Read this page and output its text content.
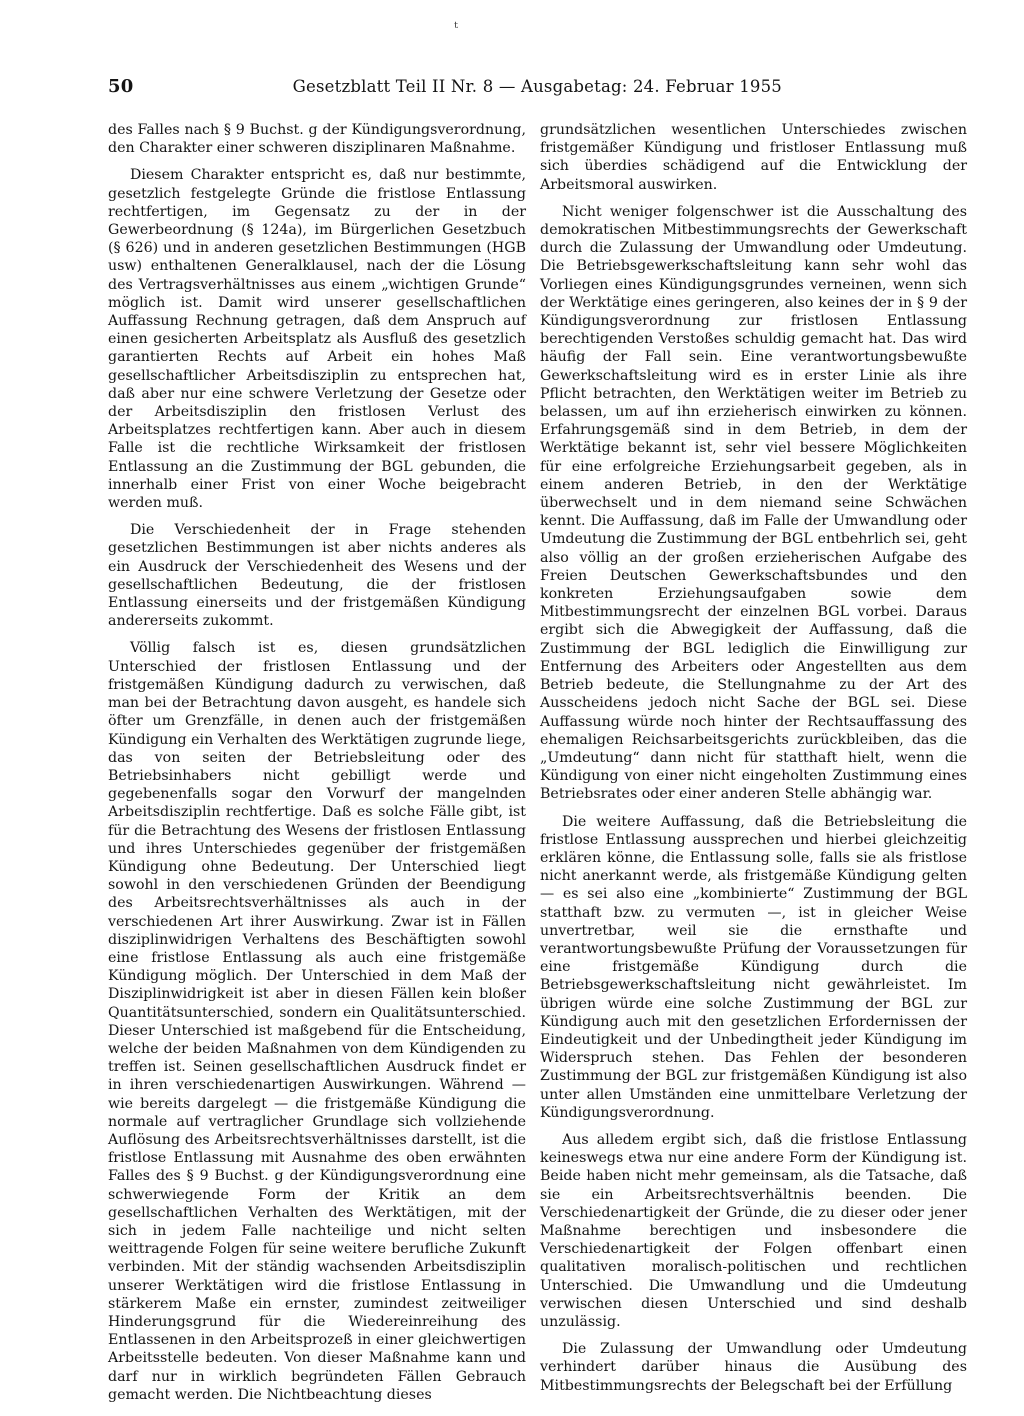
ᵗ
50	Gesetzblatt Teil II Nr. 8 — Ausgabetag: 24. Februar 1955

des Falles nach § 9 Buchst. g der Kündigungsverordnung, den Charakter einer schweren disziplinaren Maßnahme.

Diesem Charakter entspricht es, daß nur bestimmte, gesetzlich festgelegte Gründe die fristlose Entlassung rechtfertigen, im Gegensatz zu der in der Gewerbeordnung (§ 124a), im Bürgerlichen Gesetzbuch (§ 626) und in anderen gesetzlichen Bestimmungen (HGB usw) enthaltenen Generalklausel, nach der die Lösung des Vertragsverhältnisses aus einem „wichtigen Grunde“ möglich ist. Damit wird unserer gesellschaftlichen Auffassung Rechnung getragen, daß dem Anspruch auf einen gesicherten Arbeitsplatz als Ausfluß des gesetzlich garantierten Rechts auf Arbeit ein hohes Maß gesellschaftlicher Arbeitsdisziplin zu entsprechen hat, daß aber nur eine schwere Verletzung der Gesetze oder der Arbeitsdisziplin den fristlosen Verlust des Arbeitsplatzes rechtfertigen kann. Aber auch in diesem Falle ist die rechtliche Wirksamkeit der fristlosen Entlassung an die Zustimmung der BGL gebunden, die innerhalb einer Frist von einer Woche beigebracht werden muß.

Die Verschiedenheit der in Frage stehenden gesetzlichen Bestimmungen ist aber nichts anderes als ein Ausdruck der Verschiedenheit des Wesens und der gesellschaftlichen Bedeutung, die der fristlosen Entlassung einerseits und der fristgemäßen Kündigung andererseits zukommt.

Völlig falsch ist es, diesen grundsätzlichen Unterschied der fristlosen Entlassung und der fristgemäßen Kündigung dadurch zu verwischen, daß man bei der Betrachtung davon ausgeht, es handele sich öfter um Grenzfälle, in denen auch der fristgemäßen Kündigung ein Verhalten des Werktätigen zugrunde liege, das von seiten der Betriebsleitung oder des Betriebsinhabers nicht gebilligt werde und gegebenenfalls sogar den Vorwurf der mangelnden Arbeitsdisziplin rechtfertige. Daß es solche Fälle gibt, ist für die Betrachtung des Wesens der fristlosen Entlassung und ihres Unterschiedes gegenüber der fristgemäßen Kündigung ohne Bedeutung. Der Unterschied liegt sowohl in den verschiedenen Gründen der Beendigung des Arbeitsrechtsverhältnisses als auch in der verschiedenen Art ihrer Auswirkung. Zwar ist in Fällen disziplinwidrigen Verhaltens des Beschäftigten sowohl eine fristlose Entlassung als auch eine fristgemäße Kündigung möglich. Der Unterschied in dem Maß der Disziplinwidrigkeit ist aber in diesen Fällen kein bloßer Quantitätsunterschied, sondern ein Qualitätsunterschied. Dieser Unterschied ist maßgebend für die Entscheidung, welche der beiden Maßnahmen von dem Kündigenden zu treffen ist. Seinen gesellschaftlichen Ausdruck findet er in ihren verschiedenartigen Auswirkungen. Während — wie bereits dargelegt — die fristgemäße Kündigung die normale auf vertraglicher Grundlage sich vollziehende Auflösung des Arbeitsrechtsverhältnisses darstellt, ist die fristlose Entlassung mit Ausnahme des oben erwähnten Falles des § 9 Buchst. g der Kündigungsverordnung eine schwerwiegende Form der Kritik an dem gesellschaftlichen Verhalten des Werktätigen, mit der sich in jedem Falle nachteilige und nicht selten weittragende Folgen für seine weitere berufliche Zukunft verbinden. Mit der ständig wachsenden Arbeitsdisziplin unserer Werktätigen wird die fristlose Entlassung in stärkerem Maße ein ernster, zumindest zeitweiliger Hinderungsgrund für die Wiedereinreihung des Entlassenen in den Arbeitsprozeß in einer gleichwertigen Arbeitsstelle bedeuten. Von dieser Maßnahme kann und darf nur in wirklich begründeten Fällen Gebrauch gemacht werden. Die Nichtbeachtung dieses

grundsätzlichen wesentlichen Unterschiedes zwischen fristgemäßer Kündigung und fristloser Entlassung muß sich überdies schädigend auf die Entwicklung der Arbeitsmoral auswirken.

Nicht weniger folgenschwer ist die Ausschaltung des demokratischen Mitbestimmungsrechts der Gewerkschaft durch die Zulassung der Umwandlung oder Umdeutung. Die Betriebsgewerkschaftsleitung kann sehr wohl das Vorliegen eines Kündigungsgrundes verneinen, wenn sich der Werktätige eines geringeren, also keines der in § 9 der Kündigungsverordnung zur fristlosen Entlassung berechtigenden Verstoßes schuldig gemacht hat. Das wird häufig der Fall sein. Eine verantwortungsbewußte Gewerkschaftsleitung wird es in erster Linie als ihre Pflicht betrachten, den Werktätigen weiter im Betrieb zu belassen, um auf ihn erzieherisch einwirken zu können. Erfahrungsgemäß sind in dem Betrieb, in dem der Werktätige bekannt ist, sehr viel bessere Möglichkeiten für eine erfolgreiche Erziehungsarbeit gegeben, als in einem anderen Betrieb, in den der Werktätige überwechselt und in dem niemand seine Schwächen kennt. Die Auffassung, daß im Falle der Umwandlung oder Umdeutung die Zustimmung der BGL entbehrlich sei, geht also völlig an der großen erzieherischen Aufgabe des Freien Deutschen Gewerkschaftsbundes und den konkreten Erziehungsaufgaben sowie dem Mitbestimmungsrecht der einzelnen BGL vorbei. Daraus ergibt sich die Abwegigkeit der Auffassung, daß die Zustimmung der BGL lediglich die Einwilligung zur Entfernung des Arbeiters oder Angestellten aus dem Betrieb bedeute, die Stellungnahme zu der Art des Ausscheidens jedoch nicht Sache der BGL sei. Diese Auffassung würde noch hinter der Rechtsauffassung des ehemaligen Reichsarbeitsgerichts zurückbleiben, das die „Umdeutung“ dann nicht für statthaft hielt, wenn die Kündigung von einer nicht eingeholten Zustimmung eines Betriebsrates oder einer anderen Stelle abhängig war.

Die weitere Auffassung, daß die Betriebsleitung die fristlose Entlassung aussprechen und hierbei gleichzeitig erklären könne, die Entlassung solle, falls sie als fristlose nicht anerkannt werde, als fristgemäße Kündigung gelten — es sei also eine „kombinierte“ Zustimmung der BGL statthaft bzw. zu vermuten —, ist in gleicher Weise unvertretbar, weil sie die ernsthafte und verantwortungsbewußte Prüfung der Voraussetzungen für eine fristgemäße Kündigung durch die Betriebsgewerkschaftsleitung nicht gewährleistet. Im übrigen würde eine solche Zustimmung der BGL zur Kündigung auch mit den gesetzlichen Erfordernissen der Eindeutigkeit und der Unbedingtheit jeder Kündigung im Widerspruch stehen. Das Fehlen der besonderen Zustimmung der BGL zur fristgemäßen Kündigung ist also unter allen Umständen eine unmittelbare Verletzung der Kündigungsverordnung.

Aus alledem ergibt sich, daß die fristlose Entlassung keineswegs etwa nur eine andere Form der Kündigung ist. Beide haben nicht mehr gemeinsam, als die Tatsache, daß sie ein Arbeitsrechtsverhältnis beenden. Die Verschiedenartigkeit der Gründe, die zu dieser oder jener Maßnahme berechtigen und insbesondere die Verschiedenartigkeit der Folgen offenbart einen qualitativen moralisch-politischen und rechtlichen Unterschied. Die Umwandlung und die Umdeutung verwischen diesen Unterschied und sind deshalb unzulässig.

Die Zulassung der Umwandlung oder Umdeutung verhindert darüber hinaus die Ausübung des Mitbestimmungsrechts der Belegschaft bei der Erfüllung
